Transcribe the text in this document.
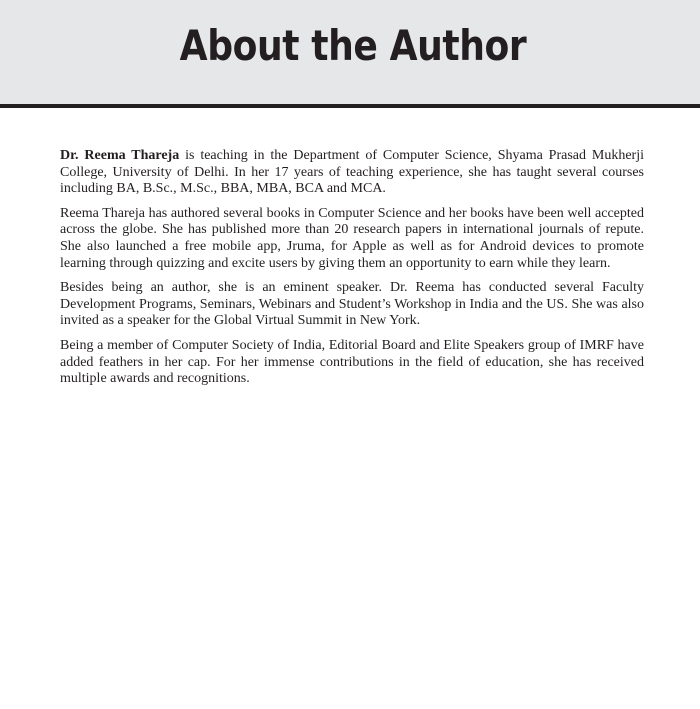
About the Author

Dr. Reema Thareja is teaching in the Department of Computer Science, Shyama Prasad Mukherji College, University of Delhi. In her 17 years of teaching experience, she has taught several courses including BA, B.Sc., M.Sc., BBA, MBA, BCA and MCA.

Reema Thareja has authored several books in Computer Science and her books have been well accepted across the globe. She has published more than 20 research papers in international journals of repute. She also launched a free mobile app, Jruma, for Apple as well as for Android devices to promote learning through quizzing and excite users by giving them an opportunity to earn while they learn.

Besides being an author, she is an eminent speaker. Dr. Reema has conducted several Faculty Development Programs, Seminars, Webinars and Student’s Workshop in India and the US. She was also invited as a speaker for the Global Virtual Summit in New York.

Being a member of Computer Society of India, Editorial Board and Elite Speakers group of IMRF have added feathers in her cap. For her immense contributions in the field of education, she has received multiple awards and recognitions.
